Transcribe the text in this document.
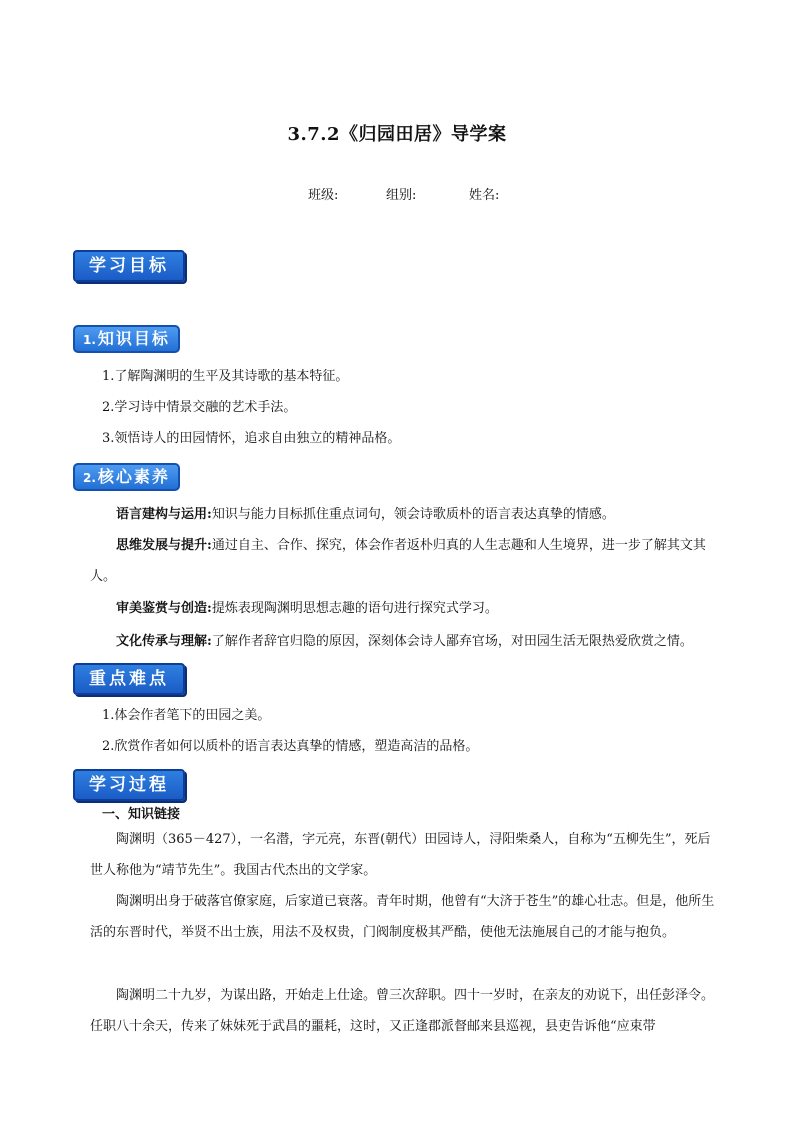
3.7.2《归园田居》导学案
班级:	组别:	姓名:
学习目标
1. 知识目标
1.了解陶渊明的生平及其诗歌的基本特征。
2.学习诗中情景交融的艺术手法。
3.领悟诗人的田园情怀，追求自由独立的精神品格。
2. 核心素养
语言建构与运用:知识与能力目标抓住重点词句，领会诗歌质朴的语言表达真挚的情感。
思维发展与提升:通过自主、合作、探究，体会作者返朴归真的人生志趣和人生境界，进一步了解其文其人。
审美鉴赏与创造:提炼表现陶渊明思想志趣的语句进行探究式学习。
文化传承与理解:了解作者辞官归隐的原因，深刻体会诗人鄙弃官场，对田园生活无限热爱欣赏之情。
重点难点
1.体会作者笔下的田园之美。
2.欣赏作者如何以质朴的语言表达真挚的情感，塑造高洁的品格。
学习过程
一、知识链接
陶渊明（365－427），一名潜，字元亮，东晋(朝代）田园诗人，浔阳柴桑人，自称为“五柳先生”，死后世人称他为“靖节先生”。我国古代杰出的文学家。
陶渊明出身于破落官僚家庭，后家道已衰落。青年时期，他曾有“大济于苍生”的雄心壮志。但是，他所生活的东晋时代，举贤不出士族，用法不及权贵，门阀制度极其严酷，使他无法施展自己的才能与抱负。
陶渊明二十九岁，为谋出路，开始走上仕途。曾三次辞职。四十一岁时，在亲友的劝说下，出任彭泽令。任职八十余天，传来了妹妹死于武昌的噩耗，这时，又正逢郡派督邮来县巡视，县吏告诉他“应束带
